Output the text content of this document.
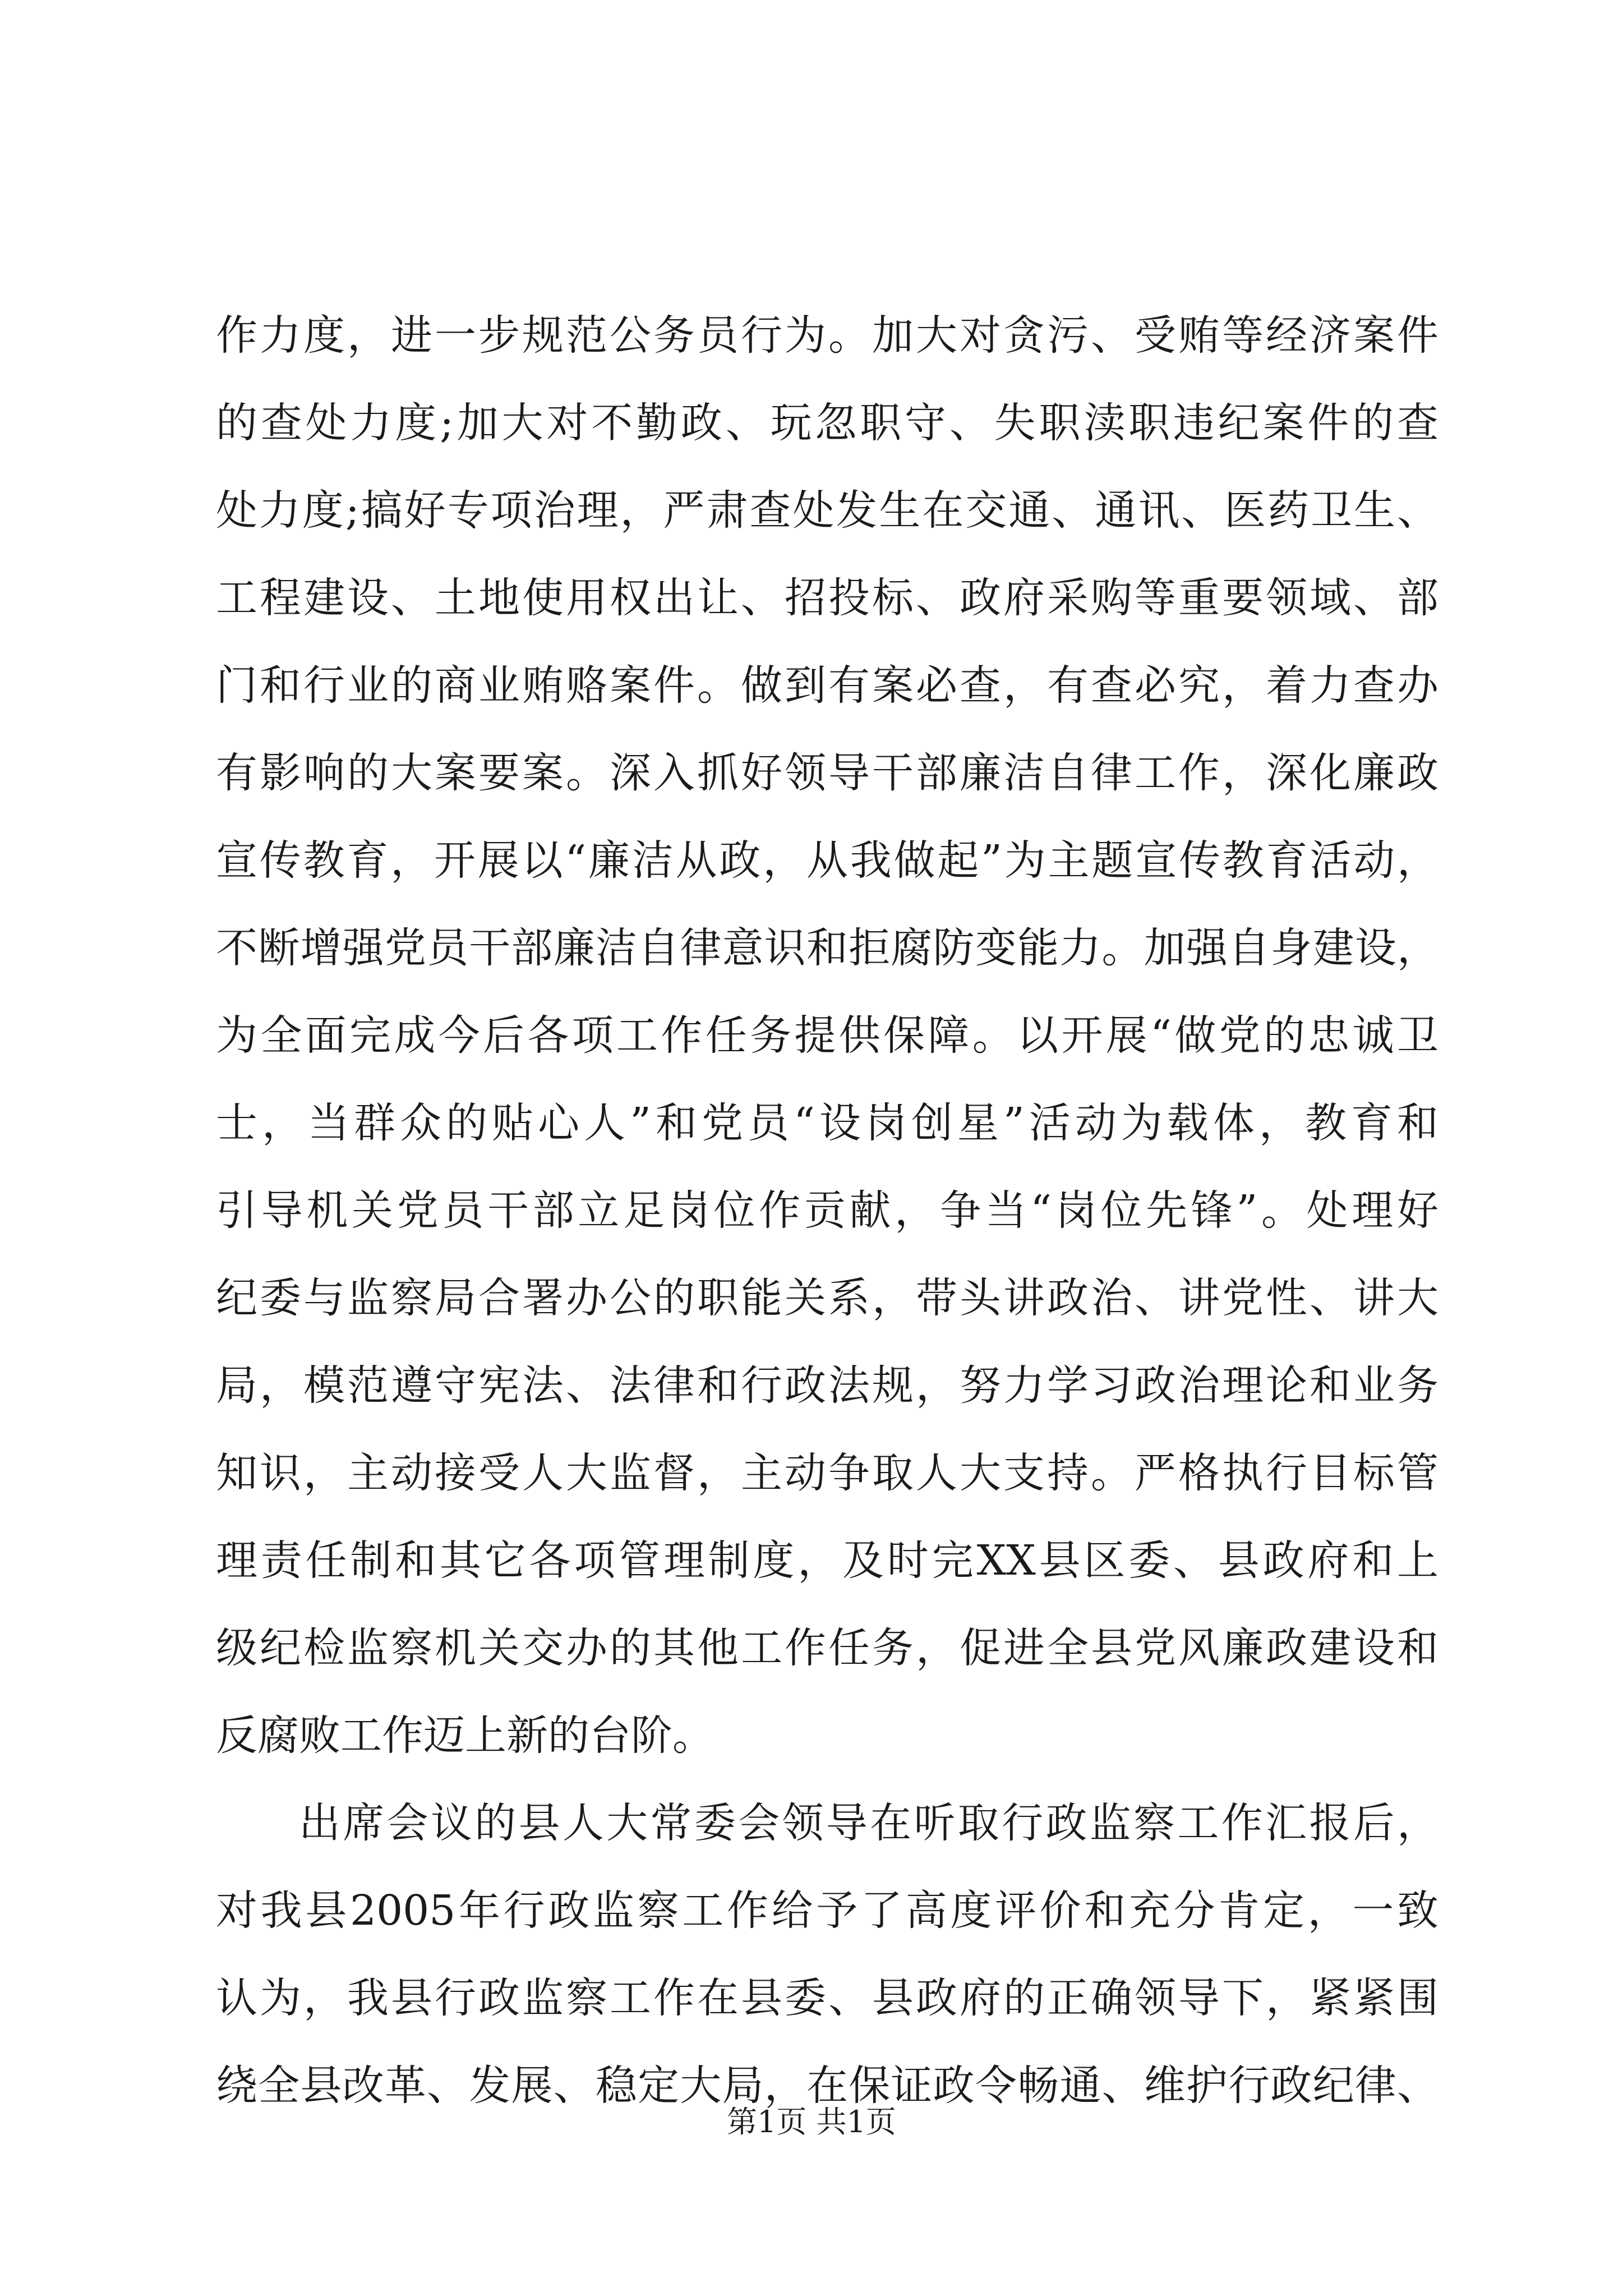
作力度，进一步规范公务员行为。加大对贪污、受贿等经济案件
的查处力度;加大对不勤政、玩忽职守、失职渎职违纪案件的查
处力度;搞好专项治理，严肃查处发生在交通、通讯、医药卫生、
工程建设、土地使用权出让、招投标、政府采购等重要领域、部
门和行业的商业贿赂案件。做到有案必查，有查必究，着力查办
有影响的大案要案。深入抓好领导干部廉洁自律工作，深化廉政
宣传教育，开展以“廉洁从政，从我做起”为主题宣传教育活动，
不断增强党员干部廉洁自律意识和拒腐防变能力。加强自身建设，
为全面完成今后各项工作任务提供保障。以开展“做党的忠诚卫
士，当群众的贴心人”和党员“设岗创星”活动为载体，教育和
引导机关党员干部立足岗位作贡献，争当“岗位先锋”。处理好
纪委与监察局合署办公的职能关系，带头讲政治、讲党性、讲大
局，模范遵守宪法、法律和行政法规，努力学习政治理论和业务
知识，主动接受人大监督，主动争取人大支持。严格执行目标管
理责任制和其它各项管理制度，及时完XX县区委、县政府和上
级纪检监察机关交办的其他工作任务，促进全县党风廉政建设和
反腐败工作迈上新的台阶。
出席会议的县人大常委会领导在听取行政监察工作汇报后，
对我县2005年行政监察工作给予了高度评价和充分肯定，一致
认为，我县行政监察工作在县委、县政府的正确领导下，紧紧围
绕全县改革、发展、稳定大局，在保证政令畅通、维护行政纪律、
第1页 共1页
